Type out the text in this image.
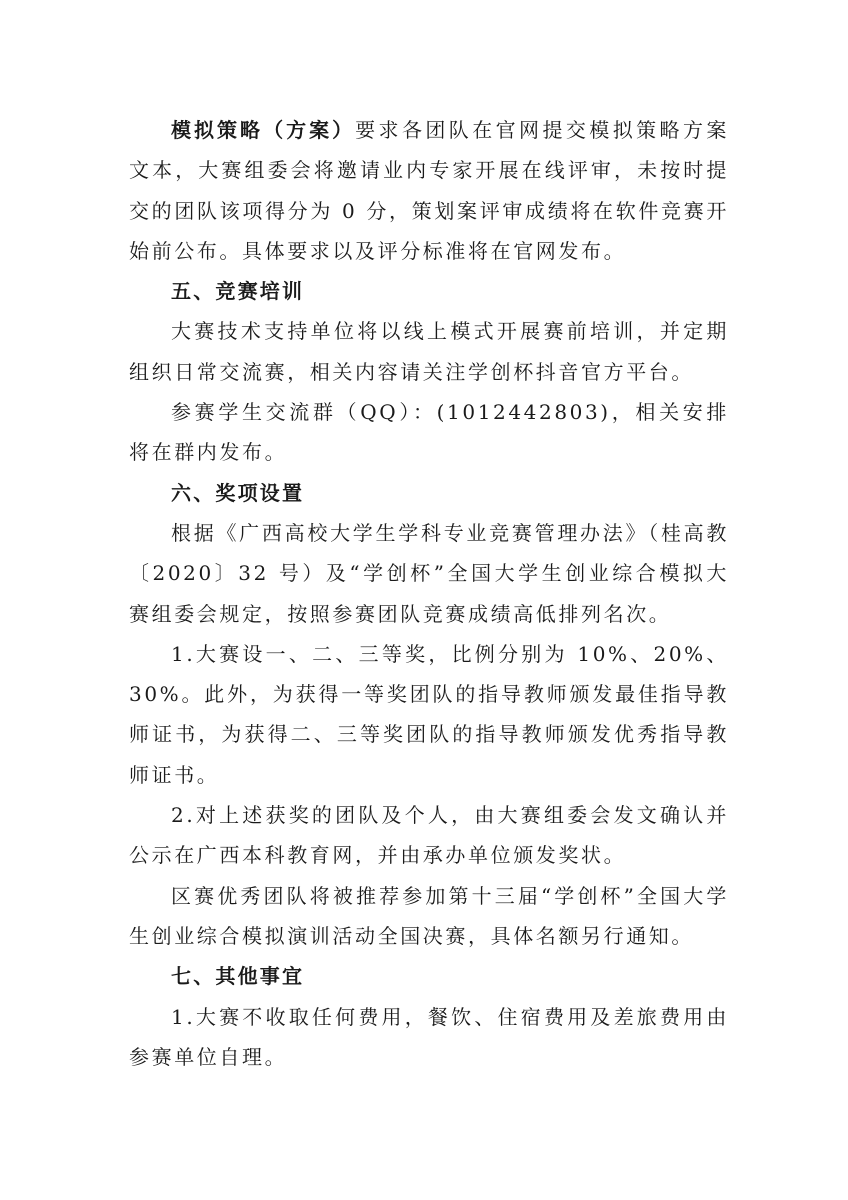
模拟策略（方案）要求各团队在官网提交模拟策略方案文本，大赛组委会将邀请业内专家开展在线评审，未按时提交的团队该项得分为 0 分，策划案评审成绩将在软件竞赛开始前公布。具体要求以及评分标准将在官网发布。

五、竞赛培训

大赛技术支持单位将以线上模式开展赛前培训，并定期组织日常交流赛，相关内容请关注学创杯抖音官方平台。

参赛学生交流群（QQ）：(1012442803)，相关安排将在群内发布。

六、奖项设置

根据《广西高校大学生学科专业竞赛管理办法》（桂高教〔2020〕32 号）及“学创杯”全国大学生创业综合模拟大赛组委会规定，按照参赛团队竞赛成绩高低排列名次。

1.大赛设一、二、三等奖，比例分别为 10%、20%、30%。此外，为获得一等奖团队的指导教师颁发最佳指导教师证书，为获得二、三等奖团队的指导教师颁发优秀指导教师证书。

2.对上述获奖的团队及个人，由大赛组委会发文确认并公示在广西本科教育网，并由承办单位颁发奖状。

区赛优秀团队将被推荐参加第十三届“学创杯”全国大学生创业综合模拟演训活动全国决赛，具体名额另行通知。

七、其他事宜

1.大赛不收取任何费用，餐饮、住宿费用及差旅费用由参赛单位自理。
